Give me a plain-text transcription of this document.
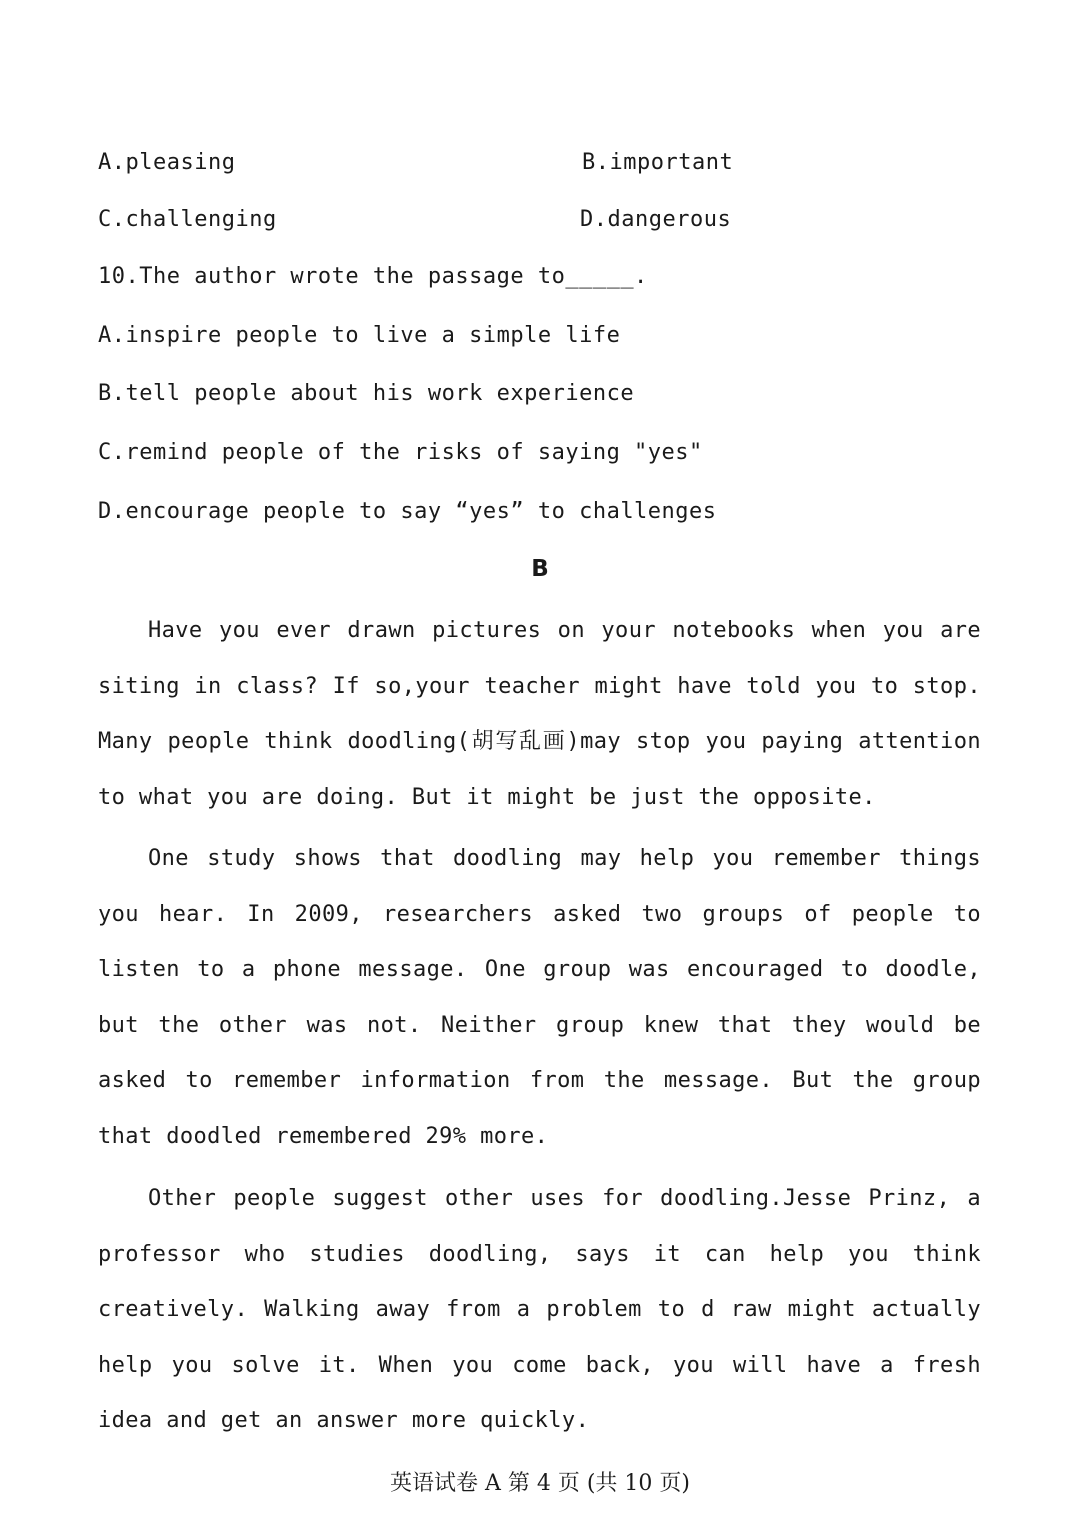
A.pleasing	B.important
C.challenging	D.dangerous
10.The author wrote the passage to_____.
A.inspire people to live a simple life
B.tell people about his work experience
C.remind people of the risks of saying "yes"
D.encourage people to say “yes” to challenges
B
Have you ever drawn pictures on your notebooks when you are siting in class? If so,your teacher might have told you to stop. Many people think doodling(胡写乱画)may stop you paying attention to what you are doing. But it might be just the opposite.
One study shows that doodling may help you remember things you hear. In 2009, researchers asked two groups of people to listen to a phone message. One group was encouraged to doodle, but the other was not. Neither group knew that they would be asked to remember information from the message. But the group that doodled remembered 29% more.
Other people suggest other uses for doodling.Jesse Prinz, a professor who studies doodling, says it can help you think creatively. Walking away from a problem to d raw might actually help you solve it. When you come back, you will have a fresh idea and get an answer more quickly.
英语试卷 A 第 4 页 (共 10 页)
